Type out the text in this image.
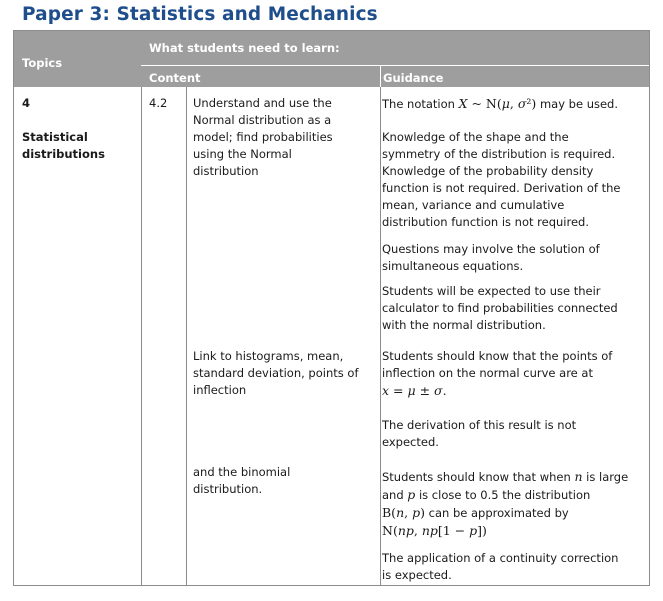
Paper 3: Statistics and Mechanics
Topics
What students need to learn:
Content	Guidance
4
Statistical
distributions
4.2 Understand and use the
Normal distribution as a
model; find probabilities
using the Normal
distribution
Link to histograms, mean,
standard deviation, points of
inflection
and the binomial
distribution.
The notation X ~ N(μ, σ²) may be used.
Knowledge of the shape and the
symmetry of the distribution is required.
Knowledge of the probability density
function is not required. Derivation of the
mean, variance and cumulative
distribution function is not required.
Questions may involve the solution of
simultaneous equations.
Students will be expected to use their
calculator to find probabilities connected
with the normal distribution.
Students should know that the points of
inflection on the normal curve are at
x = μ ± σ.
The derivation of this result is not
expected.
Students should know that when n is large
and p is close to 0.5 the distribution
B(n, p) can be approximated by
N(np, np[1 − p])
The application of a continuity correction
is expected.
